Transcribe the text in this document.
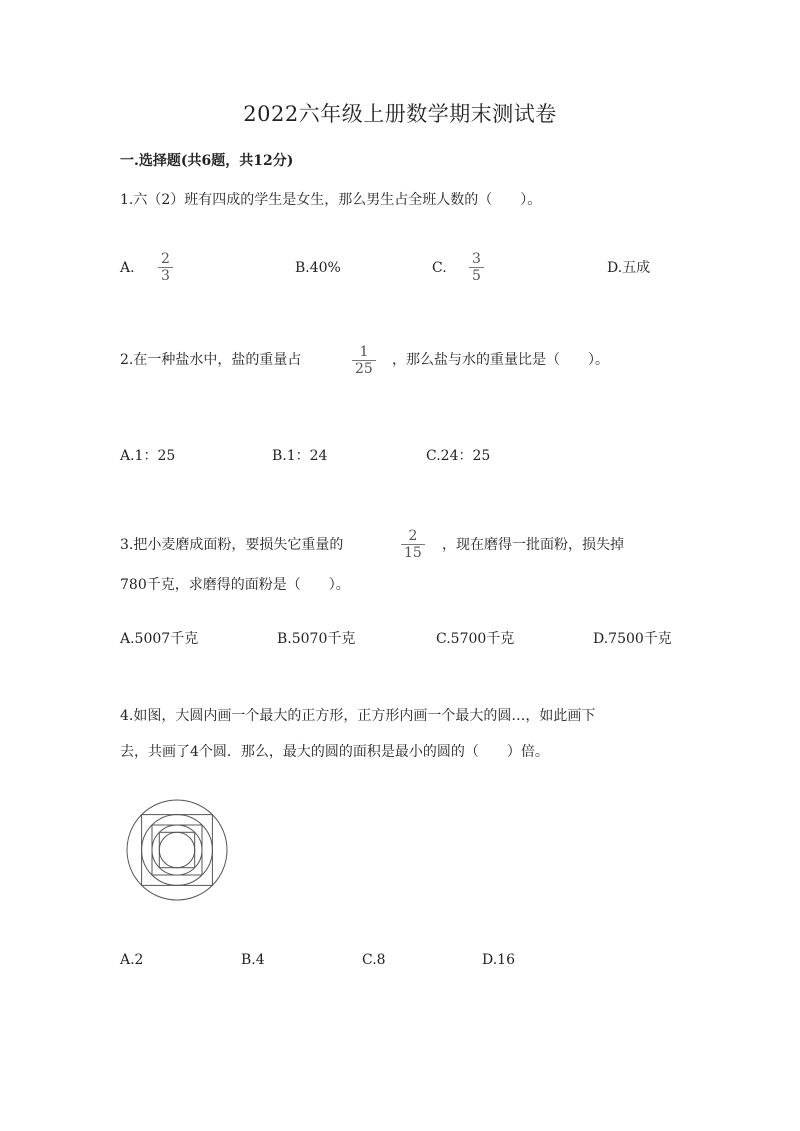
2022六年级上册数学期末测试卷
一.选择题(共6题，共12分)
1.六（2）班有四成的学生是女生，那么男生占全班人数的（　　）。
A.
2
3	B.40%	C.
3
5	D.五成
2.在一种盐水中，盐的重量占	1
25
，那么盐与水的重量比是（　　）。
A.1：25	B.1：24	C.24：25
3.把小麦磨成面粉，要损失它重量的
2
15 ，现在磨得一批面粉，损失掉
780千克，求磨得的面粉是（　　）。
A.5007千克	B.5070千克	C.5700千克	D.7500千克
4.如图，大圆内画一个最大的正方形，正方形内画一个最大的圆…，如此画下
去，共画了4个圆．那么，最大的圆的面积是最小的圆的（　　）倍。
A.2	B.4	C.8	D.16
